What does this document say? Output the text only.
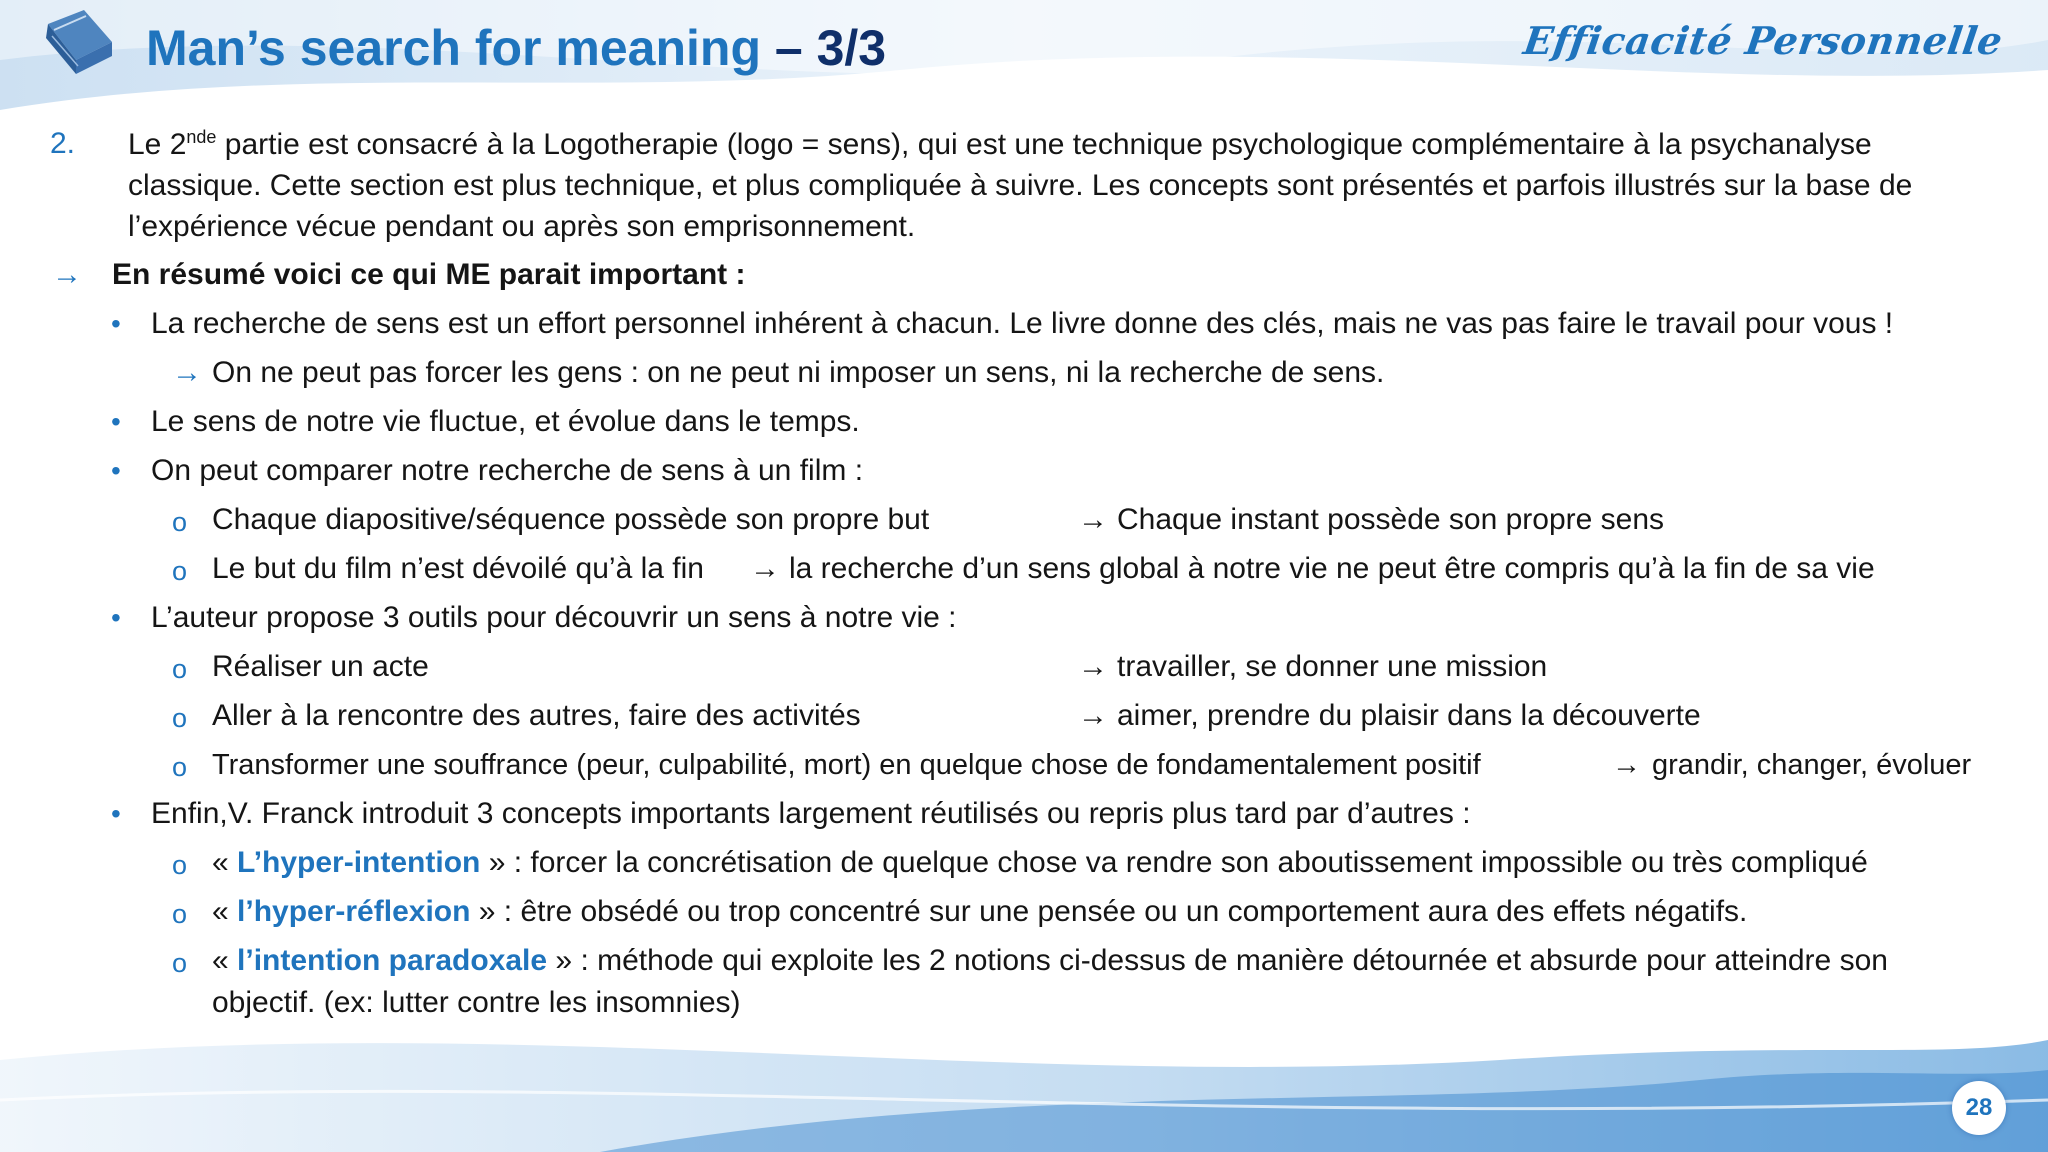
Man’s search for meaning – 3/3	Efficacité Personnelle
2. Le 2nde partie est consacré à la Logotherapie (logo = sens), qui est une technique psychologique complémentaire à la psychanalyse classique. Cette section est plus technique, et plus compliquée à suivre. Les concepts sont présentés et parfois illustrés sur la base de l’expérience vécue pendant ou après son emprisonnement.
→ En résumé voici ce qui ME parait important :
• La recherche de sens est un effort personnel inhérent à chacun. Le livre donne des clés, mais ne vas pas faire le travail pour vous !
→ On ne peut pas forcer les gens : on ne peut ni imposer un sens, ni la recherche de sens.
• Le sens de notre vie fluctue, et évolue dans le temps.
• On peut comparer notre recherche de sens à un film :
o Chaque diapositive/séquence possède son propre but	→ Chaque instant possède son propre sens
o Le but du film n’est dévoilé qu’à la fin → la recherche d’un sens global à notre vie ne peut être compris qu’à la fin de sa vie
• L’auteur propose 3 outils pour découvrir un sens à notre vie :
o Réaliser un acte	→ travailler, se donner une mission
o Aller à la rencontre des autres, faire des activités	→ aimer, prendre du plaisir dans la découverte
o Transformer une souffrance (peur, culpabilité, mort) en quelque chose de fondamentalement positif	→ grandir, changer, évoluer
• Enfin,V. Franck introduit 3 concepts importants largement réutilisés ou repris plus tard par d’autres :
o « L’hyper-intention » : forcer la concrétisation de quelque chose va rendre son aboutissement impossible ou très compliqué
o « l’hyper-réflexion » : être obsédé ou trop concentré sur une pensée ou un comportement aura des effets négatifs.
o « l’intention paradoxale » : méthode qui exploite les 2 notions ci-dessus de manière détournée et absurde pour atteindre son
objectif. (ex: lutter contre les insomnies)
28
